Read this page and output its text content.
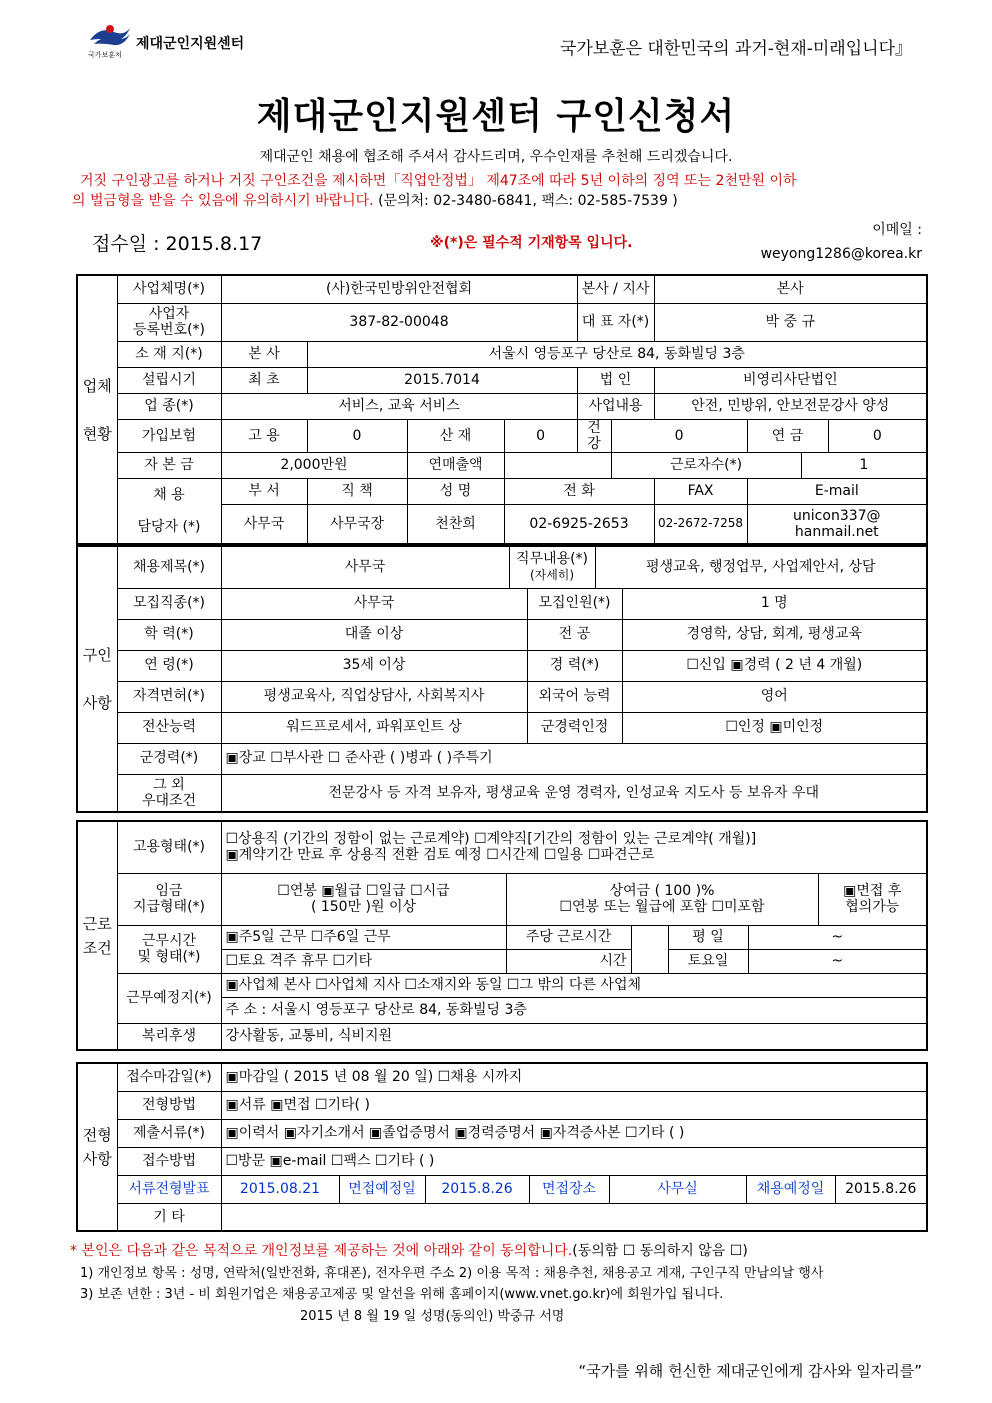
제대군인지원센터
국가보훈처	국가보훈은 대한민국의 과거-현재-미래입니다』
제대군인지원센터 구인신청서
제대군인 채용에 협조해 주셔서 감사드리며, 우수인재를 추천해 드리겠습니다.
거짓 구인광고를 하거나 거짓 구인조건을 제시하면「직업안정법」 제47조에 따라 5년 이하의 징역 또는 2천만원 이하
의 벌금형을 받을 수 있음에 유의하시기 바랍니다. (문의처: 02-3480-6841, 팩스: 02-585-7539 )
접수일 : 2015.8.17	※(*)은 필수적 기재항목 입니다.
이메일 :
weyong1286@korea.kr
업체

현황	사업체명(*)	(사)한국민방위안전협회				본사 / 지사		본사			
	사업자
등록번호(*)	387-82-00048				대 표 자(*)		박 중 규			
	소 재 지(*)	본 사	서울시 영등포구 당산로 84, 동화빌딩 3층								
	설립시기	최 초	2015.7014			법 인		비영리사단법인			
	업 종(*)	서비스, 교육 서비스				사업내용		안전, 민방위, 안보전문강사 양성			
	가입보험	고 용	0	산 재	0	건 강	0		연 금		0
	자 본 금	2,000만원		연매출액			근로자수(*)			1	
	채 용

담당자 (*)	부 서	직 책	성 명	전 화			FAX	E-mail		
		사무국	사무국장	천찬희	02-6925-2653			02-2672-7258	unicon337@
hanmail.net		
구인

사항	채용제목(*)	사무국	직무내용(*)
(자세히)		평생교육, 행정업무, 사업제안서, 상담	
	모집직종(*)	사무국		모집인원(*)		1 명
	학 력(*)	대졸 이상		전 공		경영학, 상담, 회계, 평생교육
	연 령(*)	35세 이상		경 력(*)		☐신입 ▣경력 ( 2 년 4 개월)
	자격면허(*)	평생교육사, 직업상담사, 사회복지사		외국어 능력		영어
	전산능력	워드프로세서, 파워포인트 상		군경력인정		☐인정 ▣미인정
	군경력(*)	▣장교 ☐부사관 ☐ 준사관 ( )병과 ( )주특기				
	그 외
우대조건	전문강사 등 자격 보유자, 평생교육 운영 경력자, 인성교육 지도사 등 보유자 우대				
근로
조건	고용형태(*)	☐상용직 (기간의 정함이 없는 근로계약) ☐계약직[기간의 정함이 있는 근로계약( 개월)]
▣계약기간 만료 후 상용직 전환 검토 예정 ☐시간제 ☐일용 ☐파견근로					
	임금
지급형태(*)	☐연봉 ▣월급 ☐일급 ☐시급
( 150만 )원 이상	상여금 ( 100 )%
☐연봉 또는 월급에 포함 ☐미포함				▣면접 후
협의가능
	근무시간
및 형태(*)	▣주5일 근무 ☐주6일 근무	주당 근로시간		평 일	~	
		☐토요 격주 휴무 ☐기타	시간		토요일	~	
	근무예정지(*)	▣사업체 본사 ☐사업체 지사 ☐소재지와 동일 ☐그 밖의 다른 사업체					
		주 소 : 서울시 영등포구 당산로 84, 동화빌딩 3층					
	복리후생	강사활동, 교통비, 식비지원					
전형
사항	접수마감일(*)	▣마감일 ( 2015 년 08 월 20 일) ☐채용 시까지						
	전형방법	▣서류 ▣면접 ☐기타( )						
	제출서류(*)	▣이력서 ▣자기소개서 ▣졸업증명서 ▣경력증명서 ▣자격증사본 ☐기타 ( )						
	접수방법	☐방문 ▣e-mail ☐팩스 ☐기타 ( )						
	서류전형발표	2015.08.21	면접예정일	2015.8.26	면접장소	사무실	채용예정일	2015.8.26
	기 타							
* 본인은 다음과 같은 목적으로 개인정보를 제공하는 것에 아래와 같이 동의합니다.(동의함 ☐ 동의하지 않음 ☐)
1) 개인정보 항목 : 성명, 연락처(일반전화, 휴대폰), 전자우편 주소 2) 이용 목적 : 채용추천, 채용공고 게재, 구인구직 만남의날 행사
3) 보존 년한 : 3년 - 비 회원기업은 채용공고제공 및 알선을 위해 홈페이지(www.vnet.go.kr)에 회원가입 됩니다.
2015 년 8 월 19 일 성명(동의인) 박중규 서명
“국가를 위해 헌신한 제대군인에게 감사와 일자리를”
